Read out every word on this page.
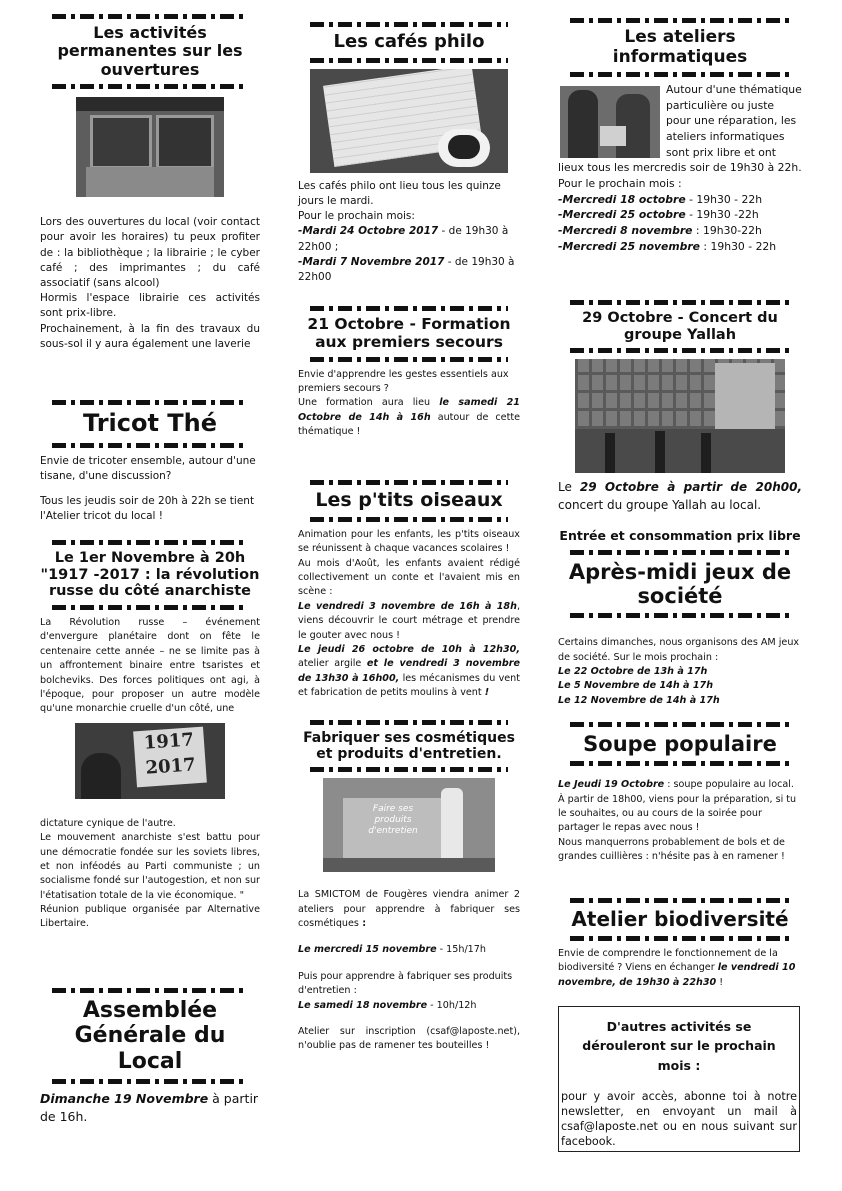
Les activités permanentes sur les ouvertures

Lors des ouvertures du local (voir contact pour avoir les horaires) tu peux profiter de : la bibliothèque ; la librairie ; le cyber café ; des imprimantes ; du café associatif (sans alcool)

Hormis l'espace librairie ces activités sont prix-libre.

Prochainement, à la fin des travaux du sous-sol il y aura également une laverie

Tricot Thé

Envie de tricoter ensemble, autour d'une tisane, d'une discussion?

Tous les jeudis soir de 20h à 22h se tient l'Atelier tricot du local !

Le 1er Novembre à 20h "1917 -2017 : la révolution russe du côté anarchiste

La Révolution russe – événement d'envergure planétaire dont on fête le centenaire cette année – ne se limite pas à un affrontement binaire entre tsaristes et bolcheviks. Des forces politiques ont agi, à l'époque, pour proposer un autre modèle qu'une monarchie cruelle d'un côté, une

1917
2017

dictature cynique de l'autre.

Le mouvement anarchiste s'est battu pour une démocratie fondée sur les soviets libres, et non inféodés au Parti communiste ; un socialisme fondé sur l'autogestion, et non sur l'étatisation totale de la vie économique. "

Réunion publique organisée par Alternative Libertaire.

Assemblée Générale du Local

Dimanche 19 Novembre à partir de 16h.

Les cafés philo

Les cafés philo ont lieu tous les quinze jours le mardi.

Pour le prochain mois:

-Mardi 24 Octobre 2017 - de 19h30 à 22h00 ;

-Mardi 7 Novembre 2017 - de 19h30 à 22h00

21 Octobre - Formation aux premiers secours

Envie d'apprendre les gestes essentiels aux premiers secours ?

Une formation aura lieu le samedi 21 Octobre de 14h à 16h autour de cette thématique !

Les p'tits oiseaux

Animation pour les enfants, les p'tits oiseaux se réunissent à chaque vacances scolaires !

Au mois d'Août, les enfants avaient rédigé collectivement un conte et l'avaient mis en scène :

Le vendredi 3 novembre de 16h à 18h, viens découvrir le court métrage et prendre le gouter avec nous !

Le jeudi 26 octobre de 10h à 12h30, atelier argile et le vendredi 3 novembre de 13h30 à 16h00, les mécanismes du vent et fabrication de petits moulins à vent !

Fabriquer ses cosmétiques et produits d'entretien.
Faire ses produits d'entretien

La SMICTOM de Fougères viendra animer 2 ateliers pour apprendre à fabriquer ses cosmétiques :

Le mercredi 15 novembre - 15h/17h

Puis pour apprendre à fabriquer ses produits d'entretien :

Le samedi 18 novembre - 10h/12h

Atelier sur inscription (csaf@laposte.net), n'oublie pas de ramener tes bouteilles !

Les ateliers informatiques

Autour d'une thématique particulière ou juste pour une réparation, les ateliers informatiques sont prix libre et ont lieux tous les mercredis soir de 19h30 à 22h.

Pour le prochain mois :

-Mercredi 18 octobre - 19h30 - 22h

-Mercredi 25 octobre - 19h30 -22h

-Mercredi 8 novembre : 19h30-22h

-Mercredi 25 novembre : 19h30 - 22h

29 Octobre - Concert du groupe Yallah

Le 29 Octobre à partir de 20h00, concert du groupe Yallah au local.

Entrée et consommation prix libre

Après-midi jeux de société

Certains dimanches, nous organisons des AM jeux de société. Sur le mois prochain :

Le 22 Octobre de 13h à 17h

Le 5 Novembre de 14h à 17h

Le 12 Novembre de 14h à 17h

Soupe populaire

Le Jeudi 19 Octobre : soupe populaire au local. À partir de 18h00, viens pour la préparation, si tu le souhaites, ou au cours de la soirée pour partager le repas avec nous !

Nous manquerrons probablement de bols et de grandes cuillières : n'hésite pas à en ramener !

Atelier biodiversité

Envie de comprendre le fonctionnement de la biodiversité ? Viens en échanger le vendredi 10 novembre, de 19h30 à 22h30 !

D'autres activités se dérouleront sur le prochain mois :

pour y avoir accès, abonne toi à notre newsletter, en envoyant un mail à csaf@laposte.net ou en nous suivant sur facebook.
